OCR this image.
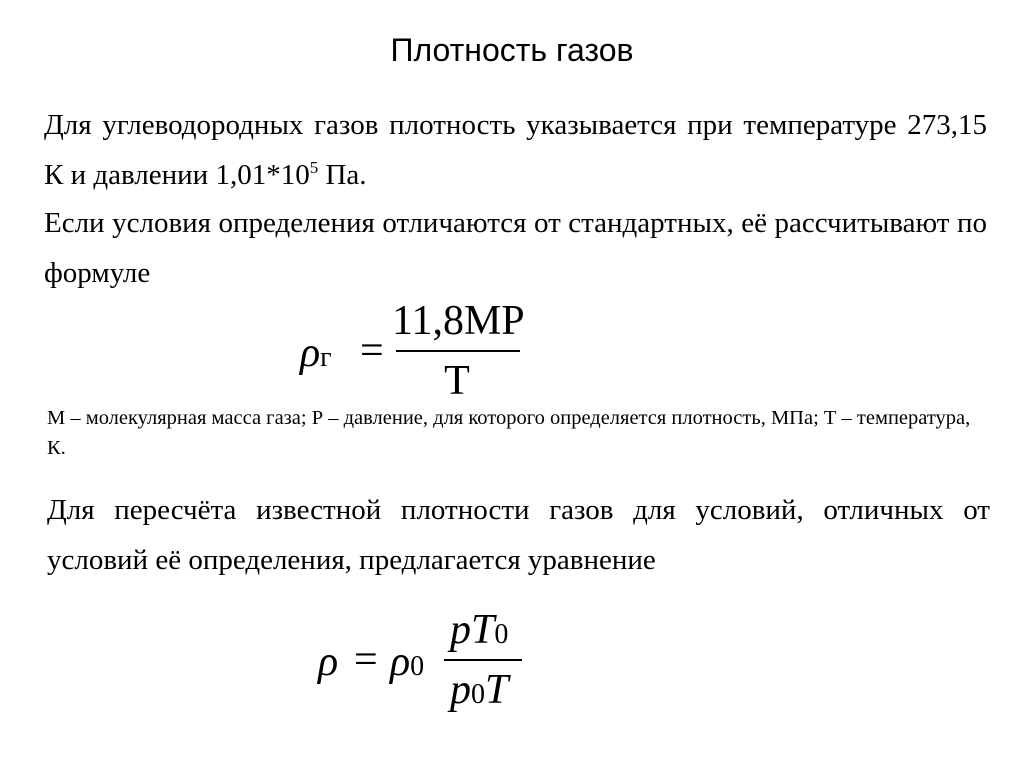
Плотность газов
Для углеводородных газов плотность указывается при температуре 273,15 К и давлении $1,01*10^5$ Па.
Если условия определения отличаются от стандартных, её рассчитывают по формуле
ρг =
11,8МР
Т
М – молекулярная масса газа; Р – давление, для которого определяется плотность, МПа; Т – температура, К.
Для пересчёта известной плотности газов для условий, отличных от условий её определения, предлагается уравнение
ρ = ρ0
pT0
p0T
